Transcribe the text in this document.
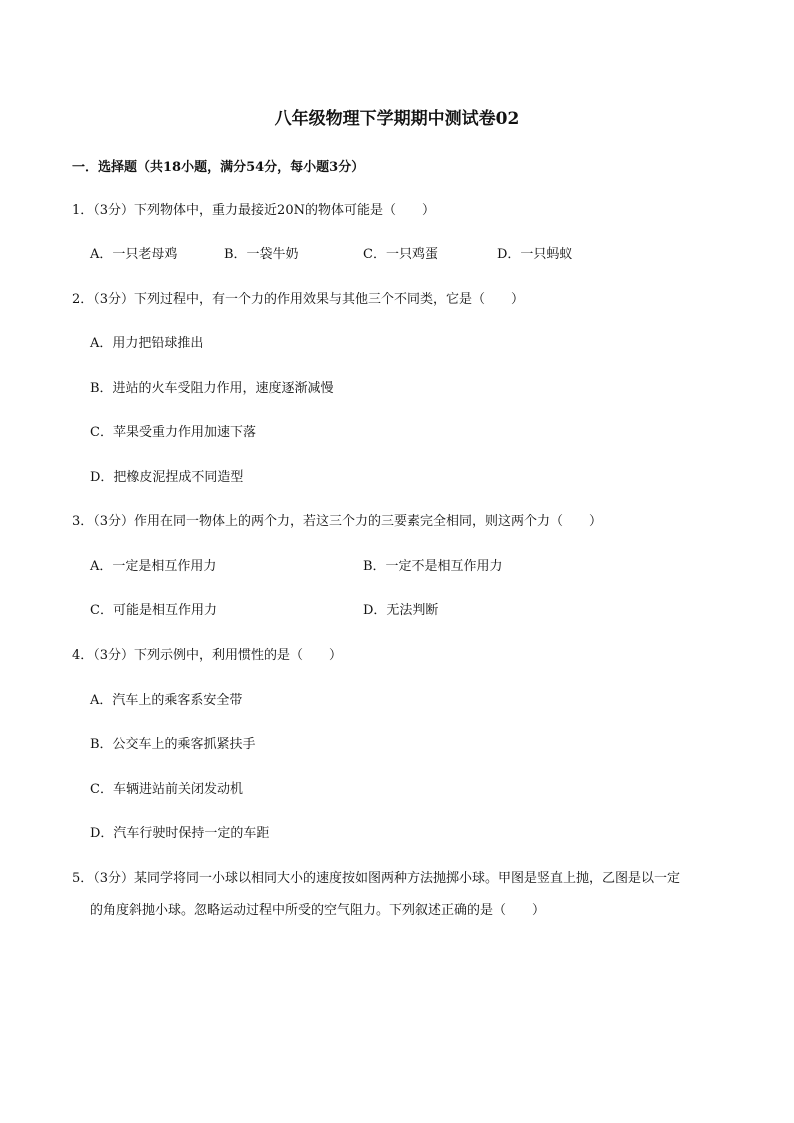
八年级物理下学期期中测试卷02
一．选择题（共18小题，满分54分，每小题3分）
1．（3分）下列物体中，重力最接近20N的物体可能是（　　）
A．一只老母鸡	B．一袋牛奶	C．一只鸡蛋	D．一只蚂蚁
2．（3分）下列过程中，有一个力的作用效果与其他三个不同类，它是（　　）
A．用力把铅球推出
B．进站的火车受阻力作用，速度逐渐减慢
C．苹果受重力作用加速下落
D．把橡皮泥捏成不同造型
3．（3分）作用在同一物体上的两个力，若这三个力的三要素完全相同，则这两个力（　　）
A．一定是相互作用力	B．一定不是相互作用力
C．可能是相互作用力	D．无法判断
4．（3分）下列示例中，利用惯性的是（　　）
A．汽车上的乘客系安全带
B．公交车上的乘客抓紧扶手
C．车辆进站前关闭发动机
D．汽车行驶时保持一定的车距
5．（3分）某同学将同一小球以相同大小的速度按如图两种方法抛掷小球。甲图是竖直上抛，乙图是以一定
的角度斜抛小球。忽略运动过程中所受的空气阻力。下列叙述正确的是（　　）
